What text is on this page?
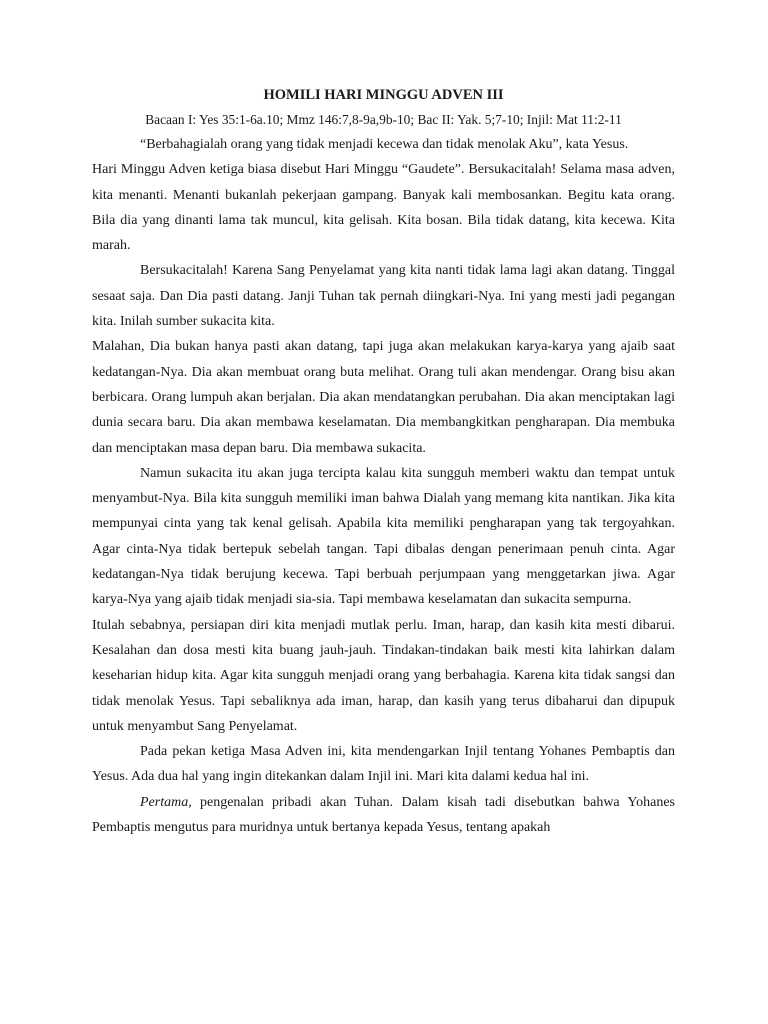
HOMILI HARI MINGGU ADVEN III

Bacaan I: Yes 35:1-6a.10; Mmz 146:7,8-9a,9b-10; Bac II: Yak. 5;7-10; Injil: Mat 11:2-11

“Berbahagialah orang yang tidak menjadi kecewa dan tidak menolak Aku”, kata Yesus.

Hari Minggu Adven ketiga biasa disebut Hari Minggu “Gaudete”. Bersukacitalah! Selama masa adven, kita menanti. Menanti bukanlah pekerjaan gampang. Banyak kali membosankan. Begitu kata orang. Bila dia yang dinanti lama tak muncul, kita gelisah. Kita bosan. Bila tidak datang, kita kecewa. Kita marah.

Bersukacitalah! Karena Sang Penyelamat yang kita nanti tidak lama lagi akan datang. Tinggal sesaat saja. Dan Dia pasti datang. Janji Tuhan tak pernah diingkari-Nya. Ini yang mesti jadi pegangan kita. Inilah sumber sukacita kita.

Malahan, Dia bukan hanya pasti akan datang, tapi juga akan melakukan karya-karya yang ajaib saat kedatangan-Nya. Dia akan membuat orang buta melihat. Orang tuli akan mendengar. Orang bisu akan berbicara. Orang lumpuh akan berjalan. Dia akan mendatangkan perubahan. Dia akan menciptakan lagi dunia secara baru. Dia akan membawa keselamatan. Dia membangkitkan pengharapan. Dia membuka dan menciptakan masa depan baru. Dia membawa sukacita.

Namun sukacita itu akan juga tercipta kalau kita sungguh memberi waktu dan tempat untuk menyambut-Nya. Bila kita sungguh memiliki iman bahwa Dialah yang memang kita nantikan. Jika kita mempunyai cinta yang tak kenal gelisah. Apabila kita memiliki pengharapan yang tak tergoyahkan. Agar cinta-Nya tidak bertepuk sebelah tangan. Tapi dibalas dengan penerimaan penuh cinta. Agar kedatangan-Nya tidak berujung kecewa. Tapi berbuah perjumpaan yang menggetarkan jiwa. Agar karya-Nya yang ajaib tidak menjadi sia-sia. Tapi membawa keselamatan dan sukacita sempurna.

Itulah sebabnya, persiapan diri kita menjadi mutlak perlu. Iman, harap, dan kasih kita mesti dibarui. Kesalahan dan dosa mesti kita buang jauh-jauh. Tindakan-tindakan baik mesti kita lahirkan dalam keseharian hidup kita. Agar kita sungguh menjadi orang yang berbahagia. Karena kita tidak sangsi dan tidak menolak Yesus. Tapi sebaliknya ada iman, harap, dan kasih yang terus dibaharui dan dipupuk untuk menyambut Sang Penyelamat.

Pada pekan ketiga Masa Adven ini, kita mendengarkan Injil tentang Yohanes Pembaptis dan Yesus. Ada dua hal yang ingin ditekankan dalam Injil ini. Mari kita dalami kedua hal ini.

Pertama, pengenalan pribadi akan Tuhan. Dalam kisah tadi disebutkan bahwa Yohanes Pembaptis mengutus para muridnya untuk bertanya kepada Yesus, tentang apakah
